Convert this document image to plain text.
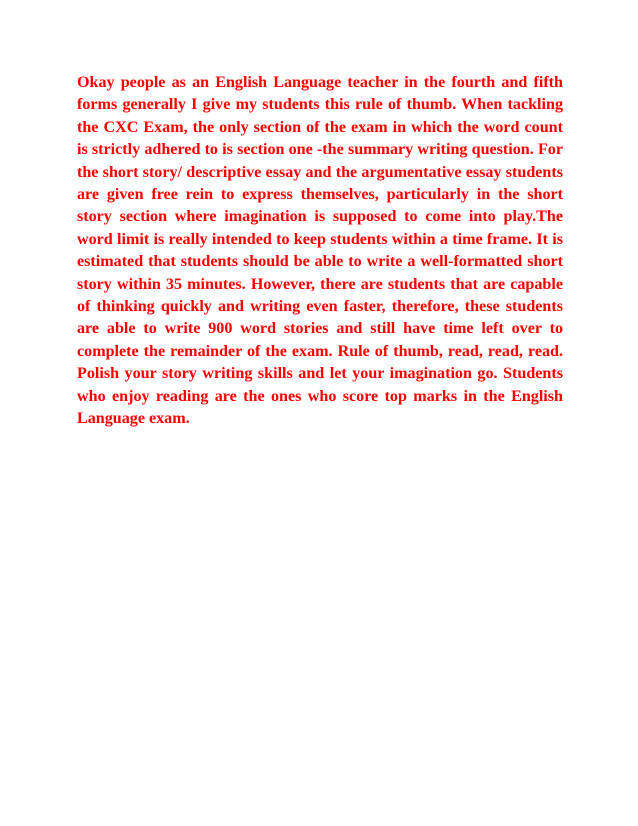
Okay people as an English Language teacher in the fourth and fifth forms generally I give my students this rule of thumb. When tackling the CXC Exam, the only section of the exam in which the word count is strictly adhered to is section one -the summary writing question. For the short story/ descriptive essay and the argumentative essay students are given free rein to express themselves, particularly in the short story section where imagination is supposed to come into play.The word limit is really intended to keep students within a time frame. It is estimated that students should be able to write a well-formatted short story within 35 minutes. However, there are students that are capable of thinking quickly and writing even faster, therefore, these students are able to write 900 word stories and still have time left over to complete the remainder of the exam. Rule of thumb, read, read, read. Polish your story writing skills and let your imagination go. Students who enjoy reading are the ones who score top marks in the English Language exam.
